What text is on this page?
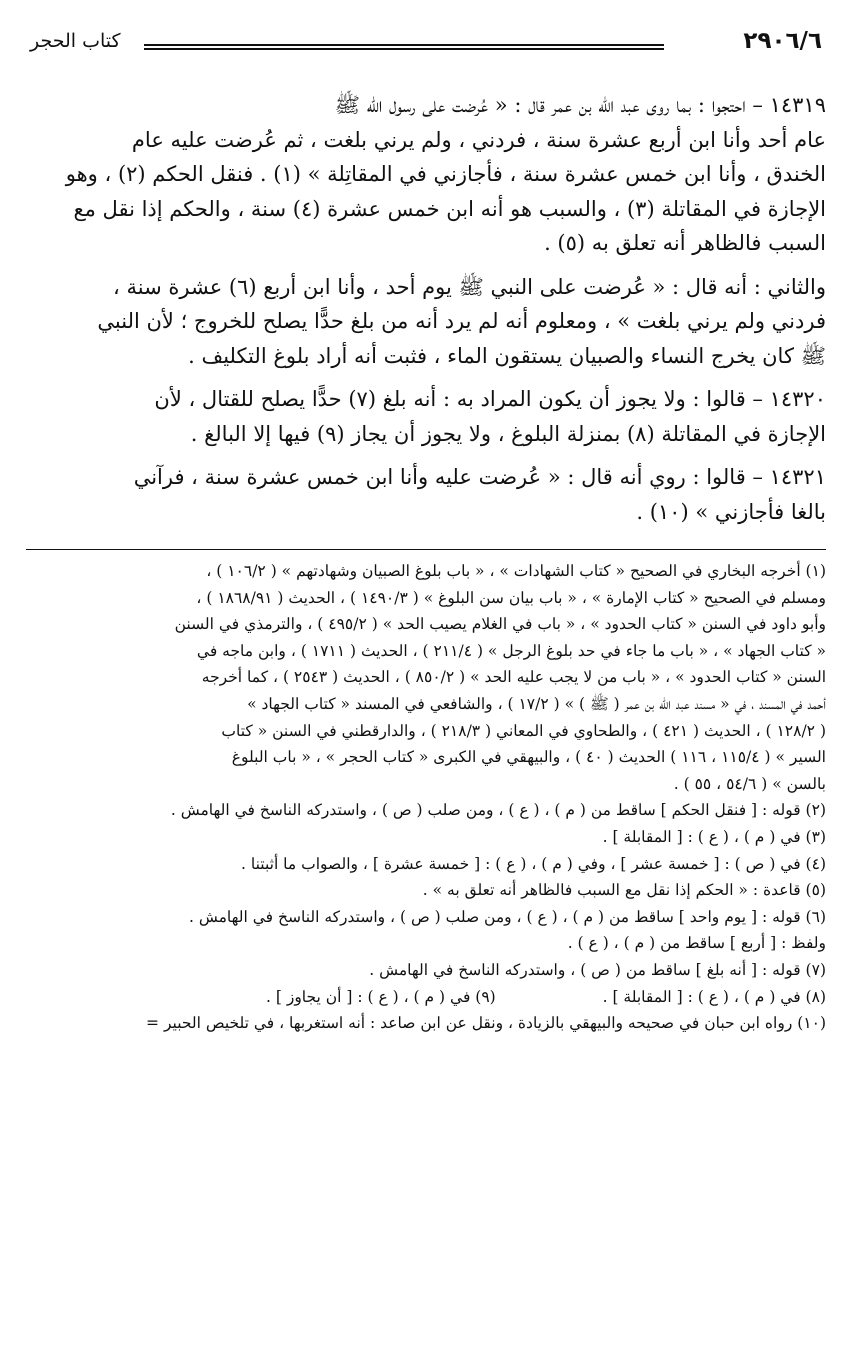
٢٩٠٦/٦
كتاب الحجر

١٤٣١٩ – احتجوا : بما روى عبد الله بن عمر قال : « عُرضت على رسول الله ﷺ
عام أحد وأنا ابن أربع عشرة سنة ، فردني ، ولم يرني بلغت ، ثم عُرضت عليه عام
الخندق ، وأنا ابن خمس عشرة سنة ، فأجازني في المقاتِلة » (١) . فنقل الحكم (٢) ، وهو
الإجازة في المقاتلة (٣) ، والسبب هو أنه ابن خمس عشرة (٤) سنة ، والحكم إذا نقل مع
السبب فالظاهر أنه تعلق به (٥) .

والثاني : أنه قال : « عُرضت على النبي ﷺ يوم أحد ، وأنا ابن أربع (٦) عشرة سنة ،
فردني ولم يرني بلغت » ، ومعلوم أنه لم يرد أنه من بلغ حدًّا يصلح للخروج ؛ لأن النبي
ﷺ كان يخرج النساء والصبيان يستقون الماء ، فثبت أنه أراد بلوغ التكليف .

١٤٣٢٠ – قالوا : ولا يجوز أن يكون المراد به : أنه بلغ (٧) حدًّا يصلح للقتال ، لأن
الإجازة في المقاتلة (٨) بمنزلة البلوغ ، ولا يجوز أن يجاز (٩) فيها إلا البالغ .

١٤٣٢١ – قالوا : روي أنه قال : « عُرضت عليه وأنا ابن خمس عشرة سنة ، فرآني
بالغا فأجازني » (١٠) .

(١) أخرجه البخاري في الصحيح « كتاب الشهادات » ، « باب بلوغ الصبيان وشهادتهم » ( ١٠٦/٢ ) ،
ومسلم في الصحيح « كتاب الإمارة » ، « باب بيان سن البلوغ » ( ١٤٩٠/٣ ) ، الحديث ( ١٨٦٨/٩١ ) ،
وأبو داود في السنن « كتاب الحدود » ، « باب في الغلام يصيب الحد » ( ٤٩٥/٢ ) ، والترمذي في السنن
« كتاب الجهاد » ، « باب ما جاء في حد بلوغ الرجل » ( ٢١١/٤ ) ، الحديث ( ١٧١١ ) ، وابن ماجه في
السنن « كتاب الحدود » ، « باب من لا يجب عليه الحد » ( ٨٥٠/٢ ) ، الحديث ( ٢٥٤٣ ) ، كما أخرجه
أحمد في المسند ، في « مسند عبد الله بن عمر ( ﷺ ) » ( ١٧/٢ ) ، والشافعي في المسند « كتاب الجهاد »
( ١٢٨/٢ ) ، الحديث ( ٤٢١ ) ، والطحاوي في المعاني ( ٢١٨/٣ ) ، والدارقطني في السنن « كتاب
السير » ( ١١٥/٤ ، ١١٦ ) الحديث ( ٤٠ ) ، والبيهقي في الكبرى « كتاب الحجر » ، « باب البلوغ
بالسن » ( ٥٤/٦ ، ٥٥ ) .
(٢) قوله : [ فنقل الحكم ] ساقط من ( م ) ، ( ع ) ، ومن صلب ( ص ) ، واستدركه الناسخ في الهامش .
(٣) في ( م ) ، ( ع ) : [ المقابلة ] .
(٤) في ( ص ) : [ خمسة عشر ] ، وفي ( م ) ، ( ع ) : [ خمسة عشرة ] ، والصواب ما أثبتنا .
(٥) قاعدة : « الحكم إذا نقل مع السبب فالظاهر أنه تعلق به » .
(٦) قوله : [ يوم واحد ] ساقط من ( م ) ، ( ع ) ، ومن صلب ( ص ) ، واستدركه الناسخ في الهامش .
ولفظ : [ أربع ] ساقط من ( م ) ، ( ع ) .
(٧) قوله : [ أنه بلغ ] ساقط من ( ص ) ، واستدركه الناسخ في الهامش .
(٨) في ( م ) ، ( ع ) : [ المقابلة ] .
(٩) في ( م ) ، ( ع ) : [ أن يجاوز ] .
(١٠) رواه ابن حبان في صحيحه والبيهقي بالزيادة ، ونقل عن ابن صاعد : أنه استغربها ، في تلخيص الحبير =
